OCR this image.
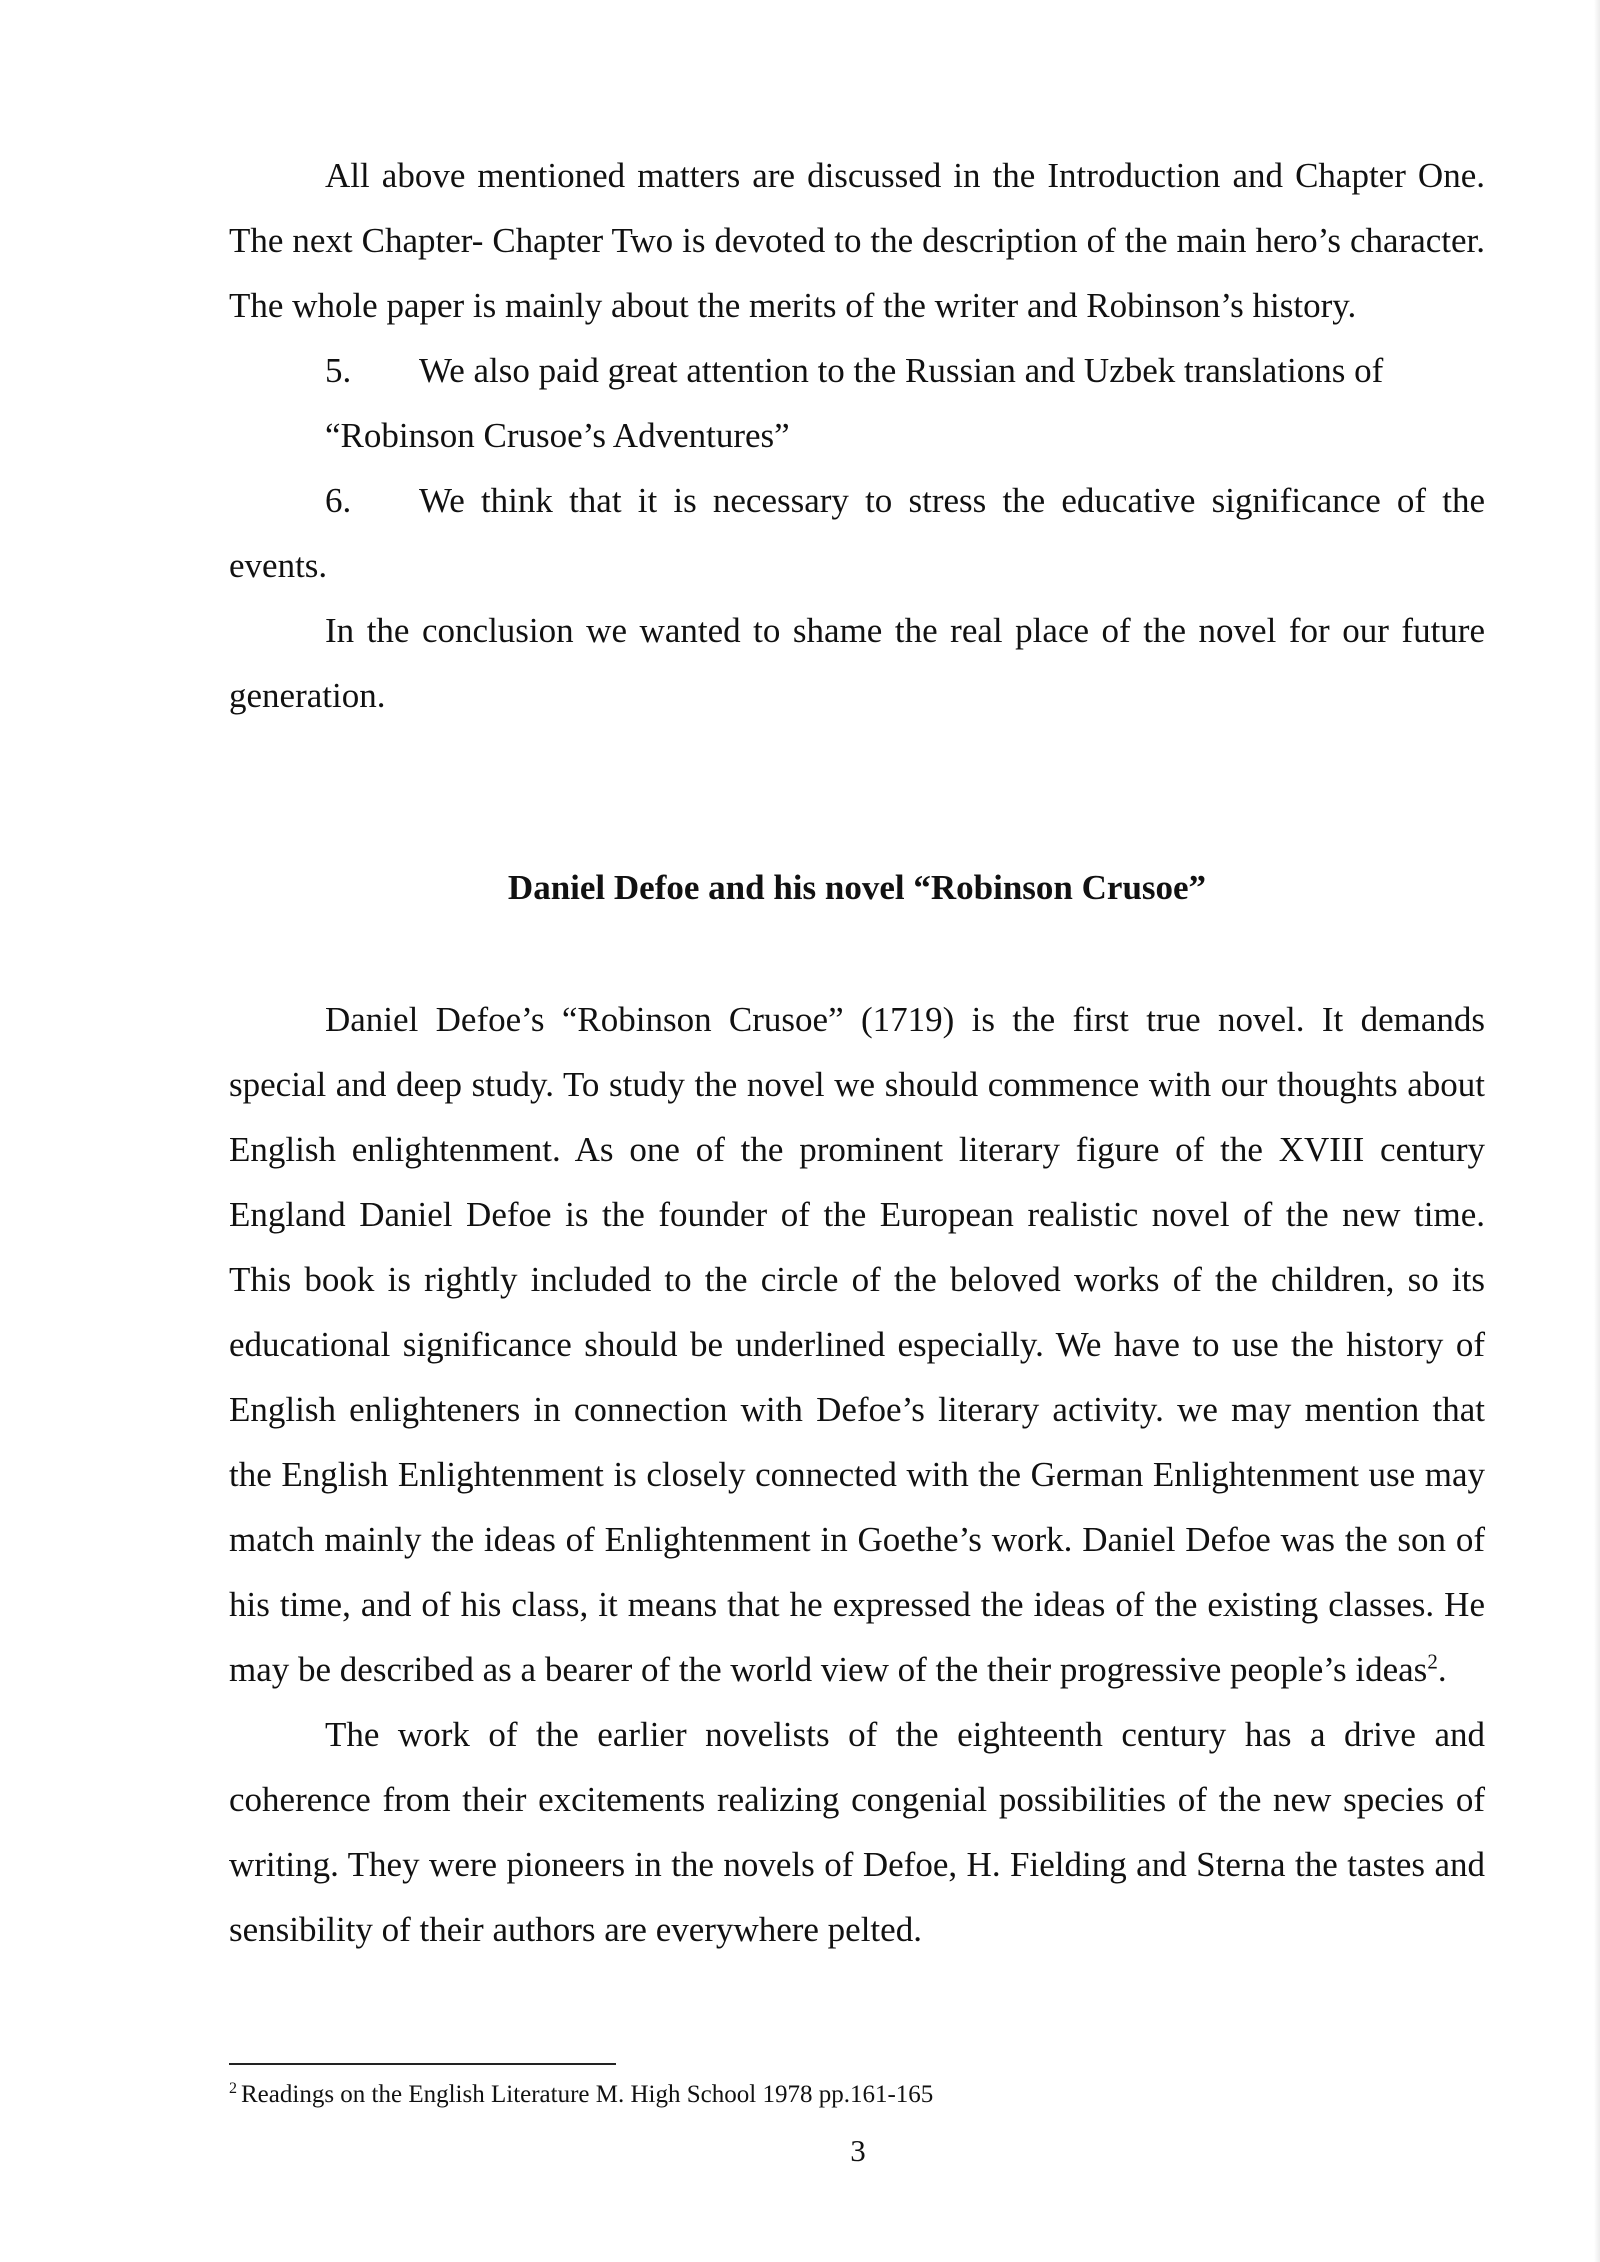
All above mentioned matters are discussed in the Introduction and Chapter One. The next Chapter- Chapter Two is devoted to the description of the main hero’s character. The whole paper is mainly about the merits of the writer and Robinson’s history.

5. We also paid great attention to the Russian and Uzbek translations of

“Robinson Crusoe’s Adventures”

6. We think that it is necessary to stress the educative significance of the events.

In the conclusion we wanted to shame the real place of the novel for our future generation.

Daniel Defoe and his novel “Robinson Crusoe”

Daniel Defoe’s “Robinson Crusoe” (1719) is the first true novel. It demands special and deep study. To study the novel we should commence with our thoughts about English enlightenment. As one of the prominent literary figure of the XVIII century England Daniel Defoe is the founder of the European realistic novel of the new time. This book is rightly included to the circle of the beloved works of the children, so its educational significance should be underlined especially. We have to use the history of English enlighteners in connection with Defoe’s literary activity. we may mention that the English Enlightenment is closely connected with the German Enlightenment use may match mainly the ideas of Enlightenment in Goethe’s work. Daniel Defoe was the son of his time, and of his class, it means that he expressed the ideas of the existing classes. He may be described as a bearer of the world view of the their progressive people’s ideas$^2$.

The work of the earlier novelists of the eighteenth century has a drive and coherence from their excitements realizing congenial possibilities of the new species of writing. They were pioneers in the novels of Defoe, H. Fielding and Sterna the tastes and sensibility of their authors are everywhere pelted.

$^2$ Readings on the English Literature M. High School 1978 pp.161-165

3
